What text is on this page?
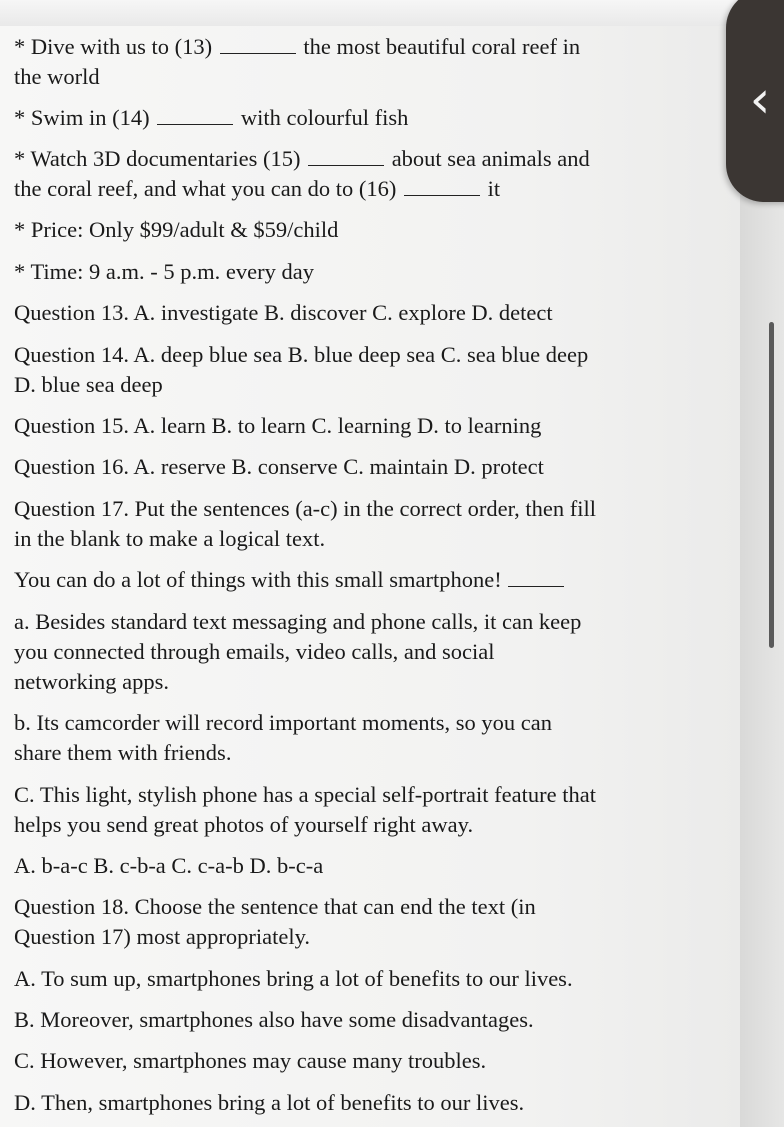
* Dive with us to (13)	the most beautiful coral reef in
the world
* Swim in (14)	with colourful fish
* Watch 3D documentaries (15)	about sea animals and
the coral reef, and what you can do to (16)	it
* Price: Only $99/adult & $59/child
* Time: 9 a.m. - 5 p.m. every day
Question 13. A. investigate B. discover C. explore D. detect
Question 14. A. deep blue sea B. blue deep sea C. sea blue deep
D. blue sea deep
Question 15. A. learn B. to learn C. learning D. to learning
Question 16. A. reserve B. conserve C. maintain D. protect
Question 17. Put the sentences (a-c) in the correct order, then fill
in the blank to make a logical text.
You can do a lot of things with this small smartphone!
a. Besides standard text messaging and phone calls, it can keep
you connected through emails, video calls, and social
networking apps.
b. Its camcorder will record important moments, so you can
share them with friends.
C. This light, stylish phone has a special self-portrait feature that
helps you send great photos of yourself right away.
A. b-a-c B. c-b-a C. c-a-b D. b-c-a
Question 18. Choose the sentence that can end the text (in
Question 17) most appropriately.
A. To sum up, smartphones bring a lot of benefits to our lives.
B. Moreover, smartphones also have some disadvantages.
C. However, smartphones may cause many troubles.
D. Then, smartphones bring a lot of benefits to our lives.
‹
